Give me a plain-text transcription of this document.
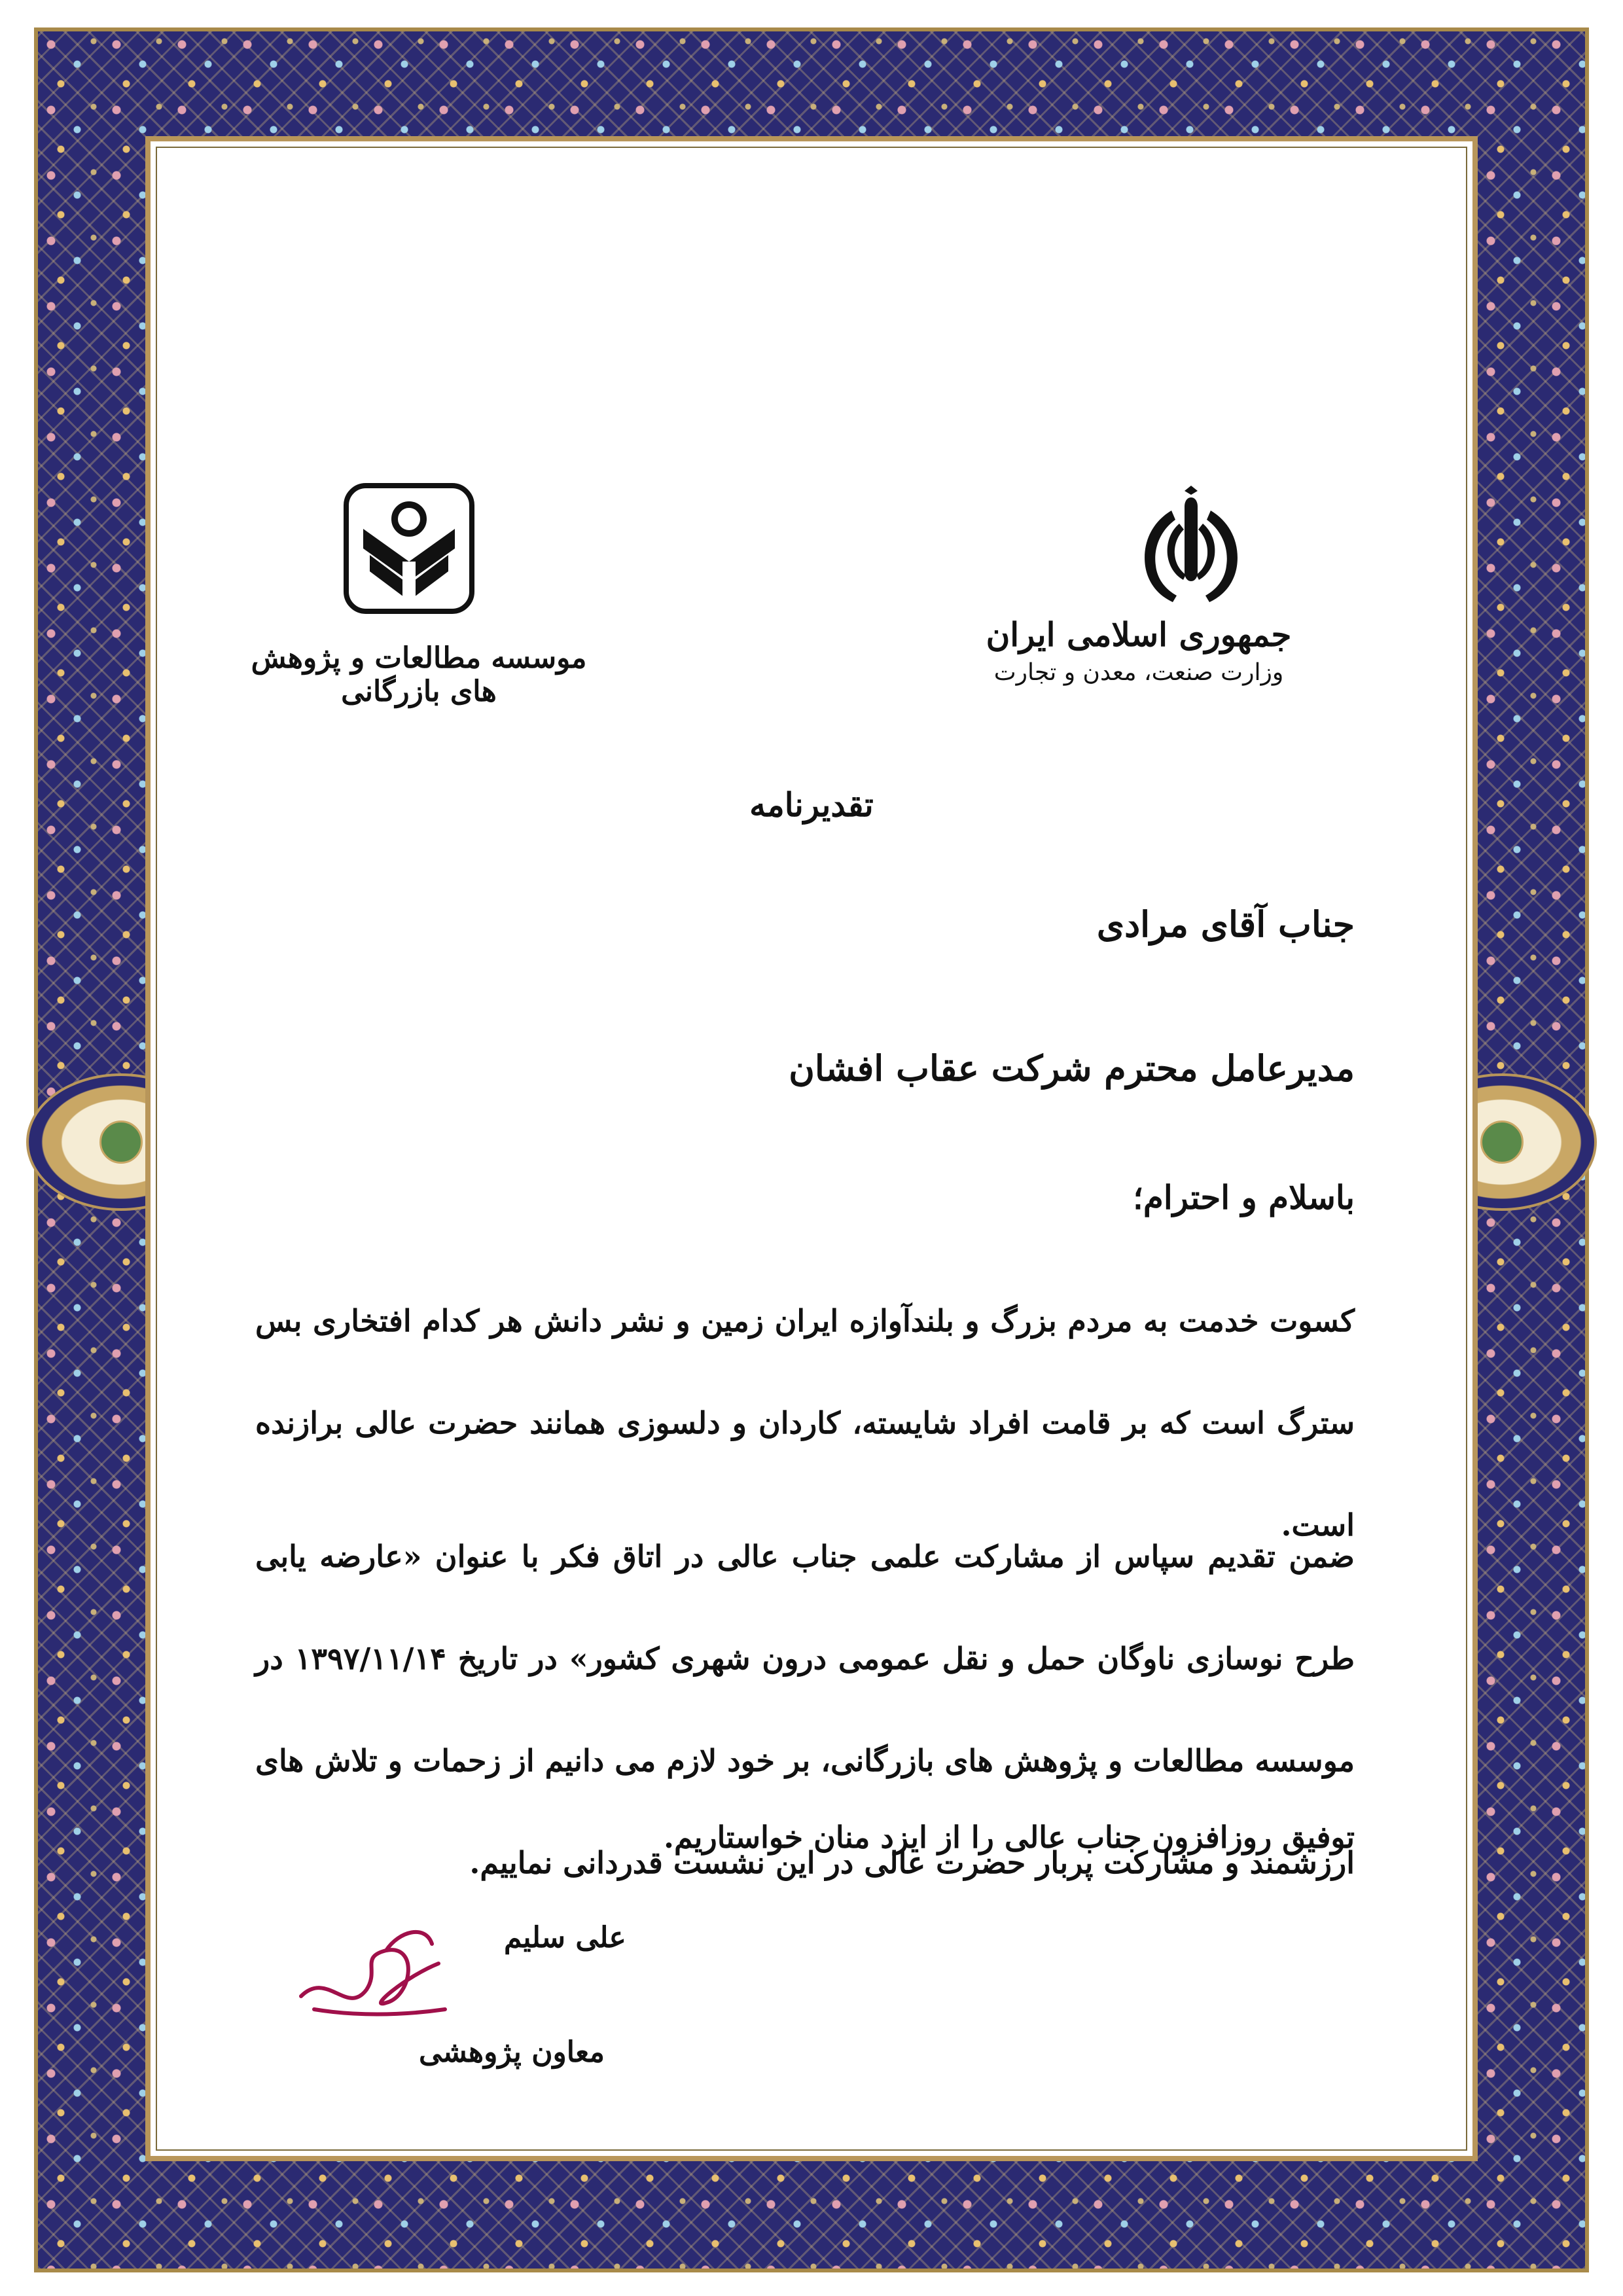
جمهوری اسلامی ایران

وزارت صنعت، معدن و تجارت

موسسه مطالعات و پژوهش های بازرگانی
تقدیرنامه
جناب آقای مرادی
مدیرعامل محترم شرکت عقاب افشان
باسلام و احترام؛

کسوت خدمت به مردم بزرگ و بلندآوازه ایران زمین و نشر دانش هر کدام افتخاری بس سترگ است که بر قامت افراد شایسته، کاردان و دلسوزی همانند حضرت عالی برازنده است.

ضمن تقدیم سپاس از مشارکت علمی جناب عالی در اتاق فکر با عنوان «عارضه یابی طرح نوسازی ناوگان حمل و نقل عمومی درون شهری کشور» در تاریخ ۱۳۹۷/۱۱/۱۴ در موسسه مطالعات و پژوهش های بازرگانی، بر خود لازم می دانیم از زحمات و تلاش های ارزشمند و مشارکت پربار حضرت عالی در این نشست قدردانی نماییم.

توفیق روزافزون جناب عالی را از ایزد منان خواستاریم.
علی سلیم
معاون پژوهشی
